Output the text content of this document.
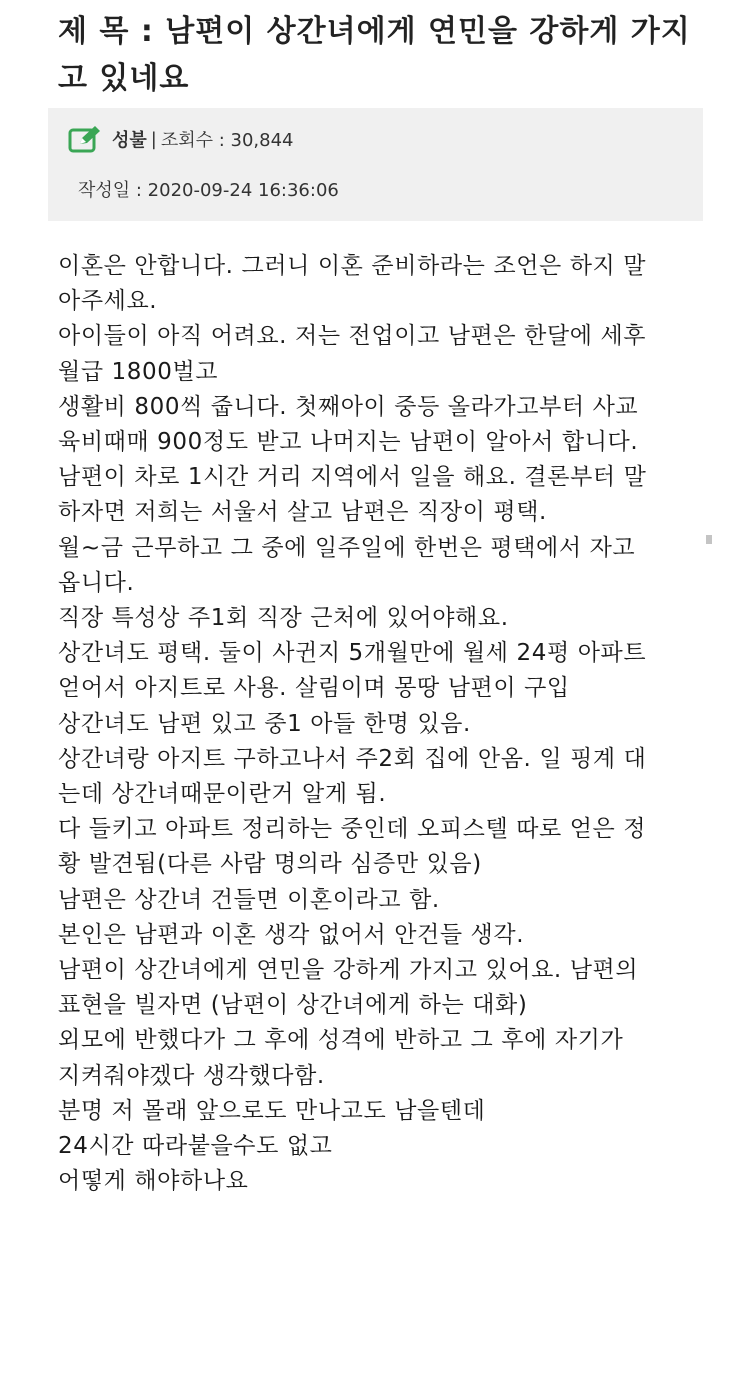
제 목 : 남편이 상간녀에게 연민을 강하게 가지
고 있네요
성불 | 조회수 : 30,844
작성일 : 2020-09-24 16:36:06
이혼은 안합니다. 그러니 이혼 준비하라는 조언은 하지 말
아주세요.
아이들이 아직 어려요. 저는 전업이고 남편은 한달에 세후
월급 1800벌고
생활비 800씩 줍니다. 첫째아이 중등 올라가고부터 사교
육비때매 900정도 받고 나머지는 남편이 알아서 합니다.
남편이 차로 1시간 거리 지역에서 일을 해요. 결론부터 말
하자면 저희는 서울서 살고 남편은 직장이 평택.
월~금 근무하고 그 중에 일주일에 한번은 평택에서 자고
옵니다.
직장 특성상 주1회 직장 근처에 있어야해요.
상간녀도 평택. 둘이 사귄지 5개월만에 월세 24평 아파트
얻어서 아지트로 사용. 살림이며 몽땅 남편이 구입
상간녀도 남편 있고 중1 아들 한명 있음.
상간녀랑 아지트 구하고나서 주2회 집에 안옴. 일 핑계 대
는데 상간녀때문이란거 알게 됨.
다 들키고 아파트 정리하는 중인데 오피스텔 따로 얻은 정
황 발견됨(다른 사람 명의라 심증만 있음)
남편은 상간녀 건들면 이혼이라고 함.
본인은 남편과 이혼 생각 없어서 안건들 생각.
남편이 상간녀에게 연민을 강하게 가지고 있어요. 남편의
표현을 빌자면 (남편이 상간녀에게 하는 대화)
외모에 반했다가 그 후에 성격에 반하고 그 후에 자기가
지켜줘야겠다 생각했다함.
분명 저 몰래 앞으로도 만나고도 남을텐데
24시간 따라붙을수도 없고
어떻게 해야하나요
